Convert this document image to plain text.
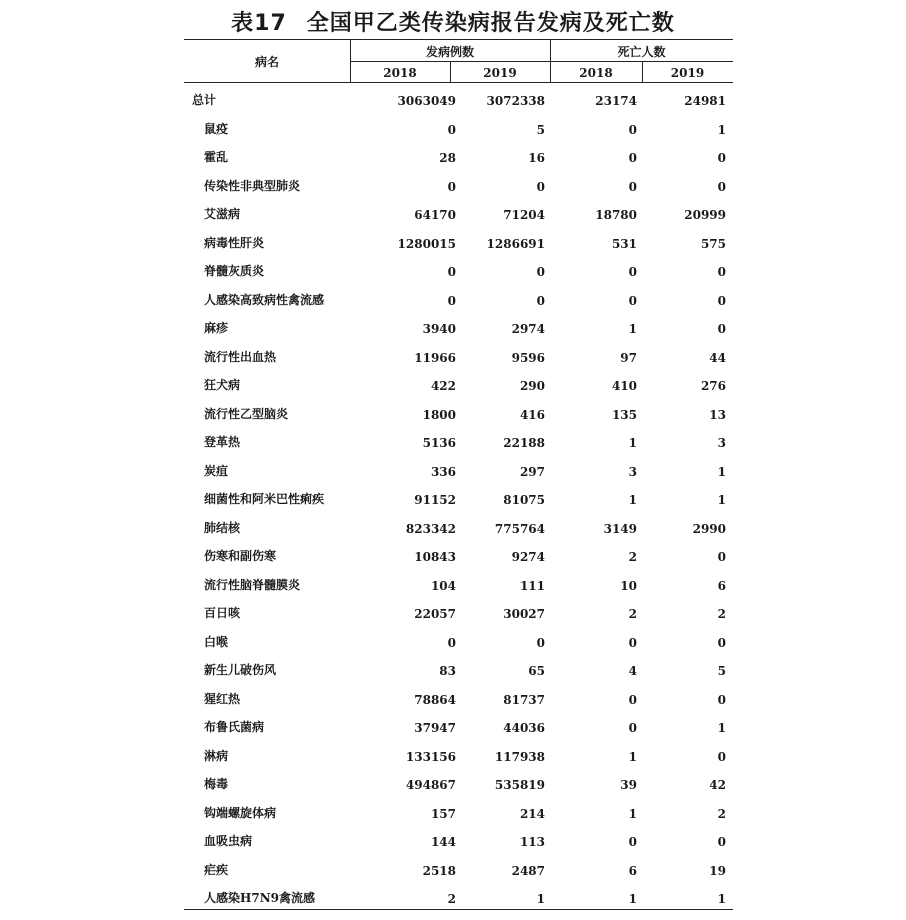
表17 全国甲乙类传染病报告发病及死亡数
病名
发病例数	死亡人数
2018	2019	2018	2019
总计	3063049	3072338	23174	24981
鼠疫	0	5	0	1
霍乱	28	16	0	0
传染性非典型肺炎	0	0	0	0
艾滋病	64170	71204	18780	20999
病毒性肝炎	1280015	1286691	531	575
脊髓灰质炎	0	0	0	0
人感染高致病性禽流感	0	0	0	0
麻疹	3940	2974	1	0
流行性出血热	11966	9596	97	44
狂犬病	422	290	410	276
流行性乙型脑炎	1800	416	135	13
登革热	5136	22188	1	3
炭疽	336	297	3	1
细菌性和阿米巴性痢疾	91152	81075	1	1
肺结核	823342	775764	3149	2990
伤寒和副伤寒	10843	9274	2	0
流行性脑脊髓膜炎	104	111	10	6
百日咳	22057	30027	2	2
白喉	0	0	0	0
新生儿破伤风	83	65	4	5
猩红热	78864	81737	0	0
布鲁氏菌病	37947	44036	0	1
淋病	133156	117938	1	0
梅毒	494867	535819	39	42
钩端螺旋体病	157	214	1	2
血吸虫病	144	113	0	0
疟疾	2518	2487	6	19
人感染H7N9禽流感	2	1	1	1
